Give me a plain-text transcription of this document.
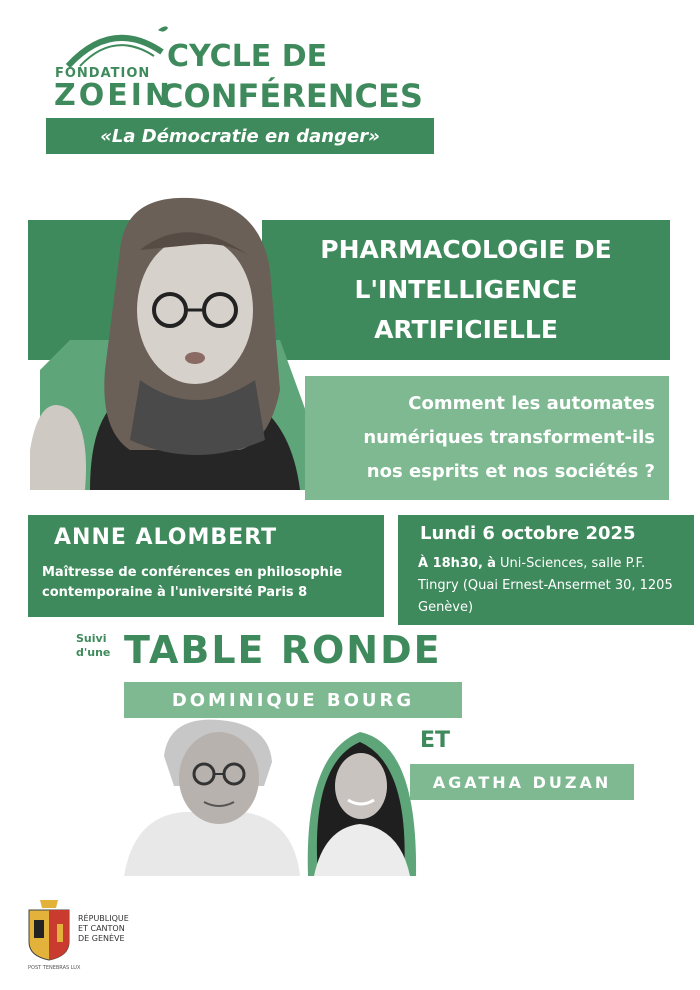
FONDATION
ZOEIN
CYCLE DE
CONFÉRENCES
«La Démocratie en danger»
PHARMACOLOGIE DE
L'INTELLIGENCE
ARTIFICIELLE
Comment les automates
numériques transforment-ils
nos esprits et nos sociétés ?
ANNE ALOMBERT
Maîtresse de conférences en philosophie
contemporaine à l'université Paris 8
Lundi 6 octobre 2025
À 18h30, à Uni-Sciences, salle P.F. Tingry (Quai Ernest-Ansermet 30, 1205 Genève)
Suivi
d'une TABLE RONDE
DOMINIQUE BOURG
ET
AGATHA DUZAN
RÉPUBLIQUE
ET CANTON
DE GENÈVE
POST TENEBRAS LUX
